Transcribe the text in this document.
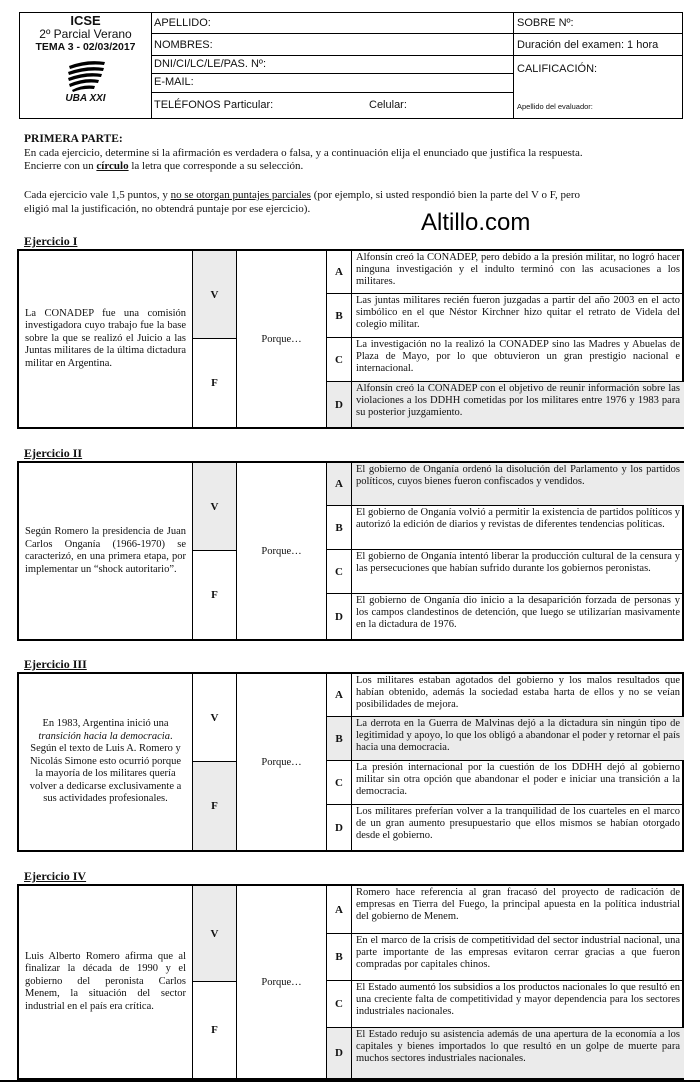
ICSE
2º Parcial Verano
TEMA 3 - 02/03/2017
UBA XXI
APELLIDO:
NOMBRES:
DNI/CI/LC/LE/PAS. Nº:
E-MAIL:
TELÉFONOS Particular:	Celular:
SOBRE Nº:
Duración del examen: 1 hora
CALIFICACIÓN:
Apellido del evaluador:
PRIMERA PARTE:
En cada ejercicio, determine si la afirmación es verdadera o falsa, y a continuación elija el enunciado que justifica la respuesta.
Encierre con un círculo la letra que corresponde a su selección.
Cada ejercicio vale 1,5 puntos, y no se otorgan puntajes parciales (por ejemplo, si usted respondió bien la parte del V o F, pero
eligió mal la justificación, no obtendrá puntaje por ese ejercicio).	Altillo.com
Ejercicio I
La CONADEP fue una comisión investigadora cuyo trabajo fue la base sobre la que se realizó el Juicio a las Juntas militares de la última dictadura militar en Argentina.
V
F
Porque…
A
Alfonsín creó la CONADEP, pero debido a la presión militar, no logró hacer ninguna investigación y el indulto terminó con las acusaciones a los militares.
B
Las juntas militares recién fueron juzgadas a partir del año 2003 en el acto simbólico en el que Néstor Kirchner hizo quitar el retrato de Videla del colegio militar.
C
La investigación no la realizó la CONADEP sino las Madres y Abuelas de Plaza de Mayo, por lo que obtuvieron un gran prestigio nacional e internacional.
D
Alfonsín creó la CONADEP con el objetivo de reunir información sobre las violaciones a los DDHH cometidas por los militares entre 1976 y 1983 para su posterior juzgamiento.
Ejercicio II
Según Romero la presidencia de Juan Carlos Onganía (1966-1970) se caracterizó, en una primera etapa, por implementar un “shock autoritario”.
V
F
Porque…
A
El gobierno de Onganía ordenó la disolución del Parlamento y los partidos políticos, cuyos bienes fueron confiscados y vendidos.
B
El gobierno de Onganía volvió a permitir la existencia de partidos políticos y autorizó la edición de diarios y revistas de diferentes tendencias políticas.
C
El gobierno de Onganía intentó liberar la producción cultural de la censura y las persecuciones que habían sufrido durante los gobiernos peronistas.
D
El gobierno de Onganía dio inicio a la desaparición forzada de personas y los campos clandestinos de detención, que luego se utilizarían masivamente en la dictadura de 1976.
Ejercicio III
En 1983, Argentina inició una transición hacia la democracia. Según el texto de Luis A. Romero y Nicolás Simone esto ocurrió porque la mayoría de los militares quería volver a dedicarse exclusivamente a sus actividades profesionales.
V
F
Porque…
A
Los militares estaban agotados del gobierno y los malos resultados que habían obtenido, además la sociedad estaba harta de ellos y no se veían posibilidades de mejora.
B
La derrota en la Guerra de Malvinas dejó a la dictadura sin ningún tipo de legitimidad y apoyo, lo que los obligó a abandonar el poder y retornar el país hacia una democracia.
C
La presión internacional por la cuestión de los DDHH dejó al gobierno militar sin otra opción que abandonar el poder e iniciar una transición a la democracia.
D
Los militares preferían volver a la tranquilidad de los cuarteles en el marco de un gran aumento presupuestario que ellos mismos se habían otorgado desde el gobierno.
Ejercicio IV
Luis Alberto Romero afirma que al finalizar la década de 1990 y el gobierno del peronista Carlos Menem, la situación del sector industrial en el país era crítica.
V
F
Porque…
A
Romero hace referencia al gran fracasó del proyecto de radicación de empresas en Tierra del Fuego, la principal apuesta en la política industrial del gobierno de Menem.
B
En el marco de la crisis de competitividad del sector industrial nacional, una parte importante de las empresas evitaron cerrar gracias a que fueron compradas por capitales chinos.
C
El Estado aumentó los subsidios a los productos nacionales lo que resultó en una creciente falta de competitividad y mayor dependencia para los sectores industriales nacionales.
D
El Estado redujo su asistencia además de una apertura de la economía a los capitales y bienes importados lo que resultó en un golpe de muerte para muchos sectores industriales nacionales.
